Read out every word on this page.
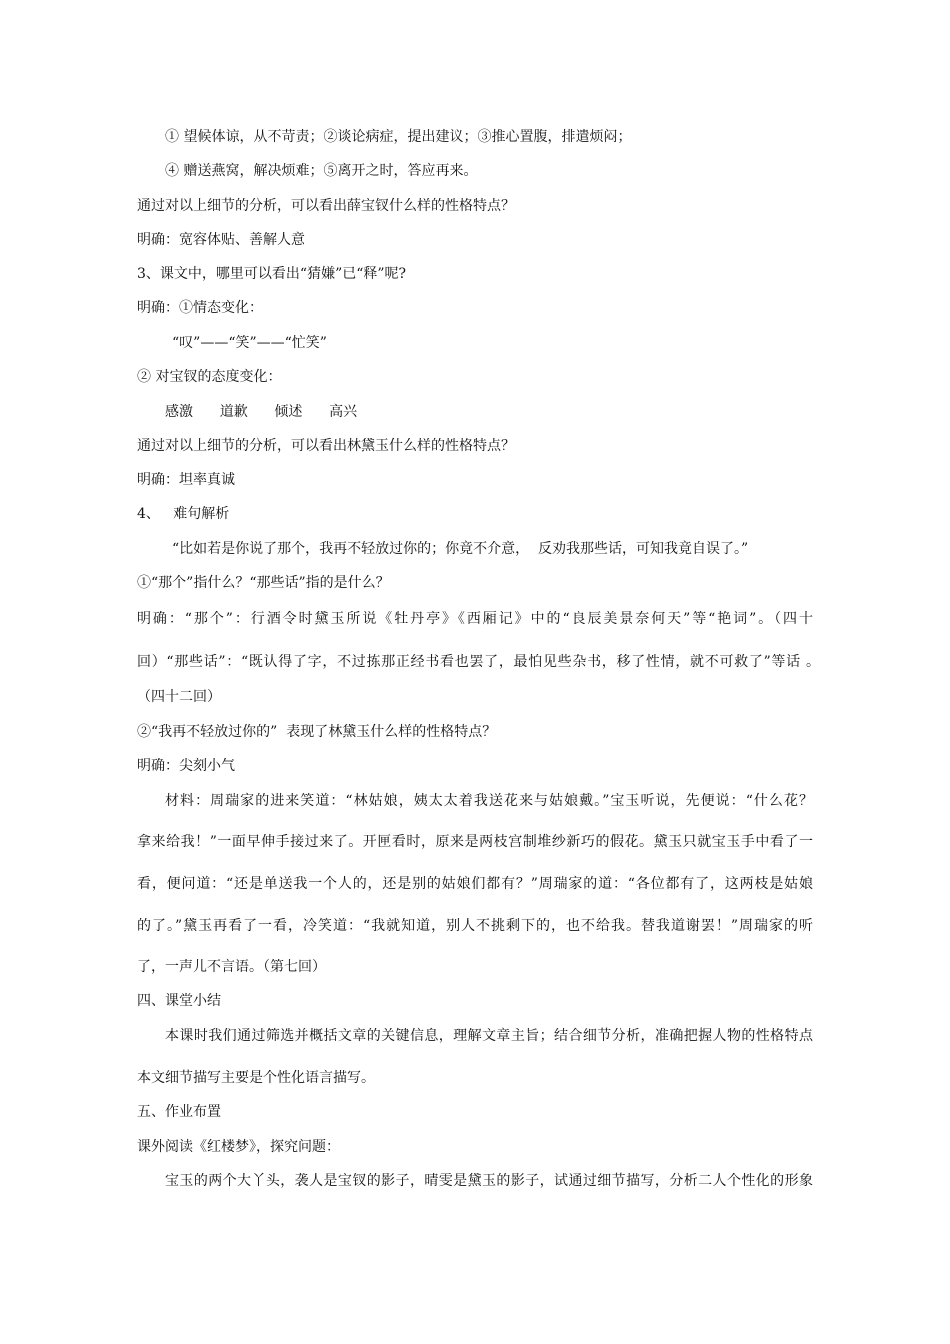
① 望候体谅，从不苛责；②谈论病症，提出建议；③推心置腹，排遣烦闷；
④ 赠送燕窝，解决烦难；⑤离开之时，答应再来。
通过对以上细节的分析，可以看出薛宝钗什么样的性格特点？
明确：宽容体贴、善解人意
3、课文中，哪里可以看出“猜嫌”已“释”呢?
明确：①情态变化：
“叹”——“笑”——“忙笑”
② 对宝钗的态度变化：
感激      道歉      倾述      高兴
通过对以上细节的分析，可以看出林黛玉什么样的性格特点？
明确：坦率真诚
4、   难句解析
“比如若是你说了那个，我再不轻放过你的；你竟不介意，  反劝我那些话，可知我竟自误了。”
①“那个”指什么？“那些话”指的是什么？
明确：“那个”：行酒令时黛玉所说《牡丹亭》《西厢记》中的“良辰美景奈何天”等“艳词”。（四十
回）“那些话”：“既认得了字，不过拣那正经书看也罢了，最怕见些杂书，移了性情，就不可救了”等话 。
（四十二回）
②“我再不轻放过你的”  表现了林黛玉什么样的性格特点？
明确：尖刻小气
材料：周瑞家的进来笑道：“林姑娘，姨太太着我送花来与姑娘戴。”宝玉听说，先便说：“什么花？
拿来给我！”一面早伸手接过来了。开匣看时，原来是两枝宫制堆纱新巧的假花。黛玉只就宝玉手中看了一
看，便问道：“还是单送我一个人的，还是别的姑娘们都有？”周瑞家的道：“各位都有了，这两枝是姑娘
的了。”黛玉再看了一看，冷笑道：“我就知道，别人不挑剩下的，也不给我。替我道谢罢！”周瑞家的听
了，一声儿不言语。（第七回）
四、课堂小结
本课时我们通过筛选并概括文章的关键信息，理解文章主旨；结合细节分析，准确把握人物的性格特点
本文细节描写主要是个性化语言描写。
五、作业布置
课外阅读《红楼梦》，探究问题：
宝玉的两个大丫头，袭人是宝钗的影子，晴雯是黛玉的影子，试通过细节描写，分析二人个性化的形象
